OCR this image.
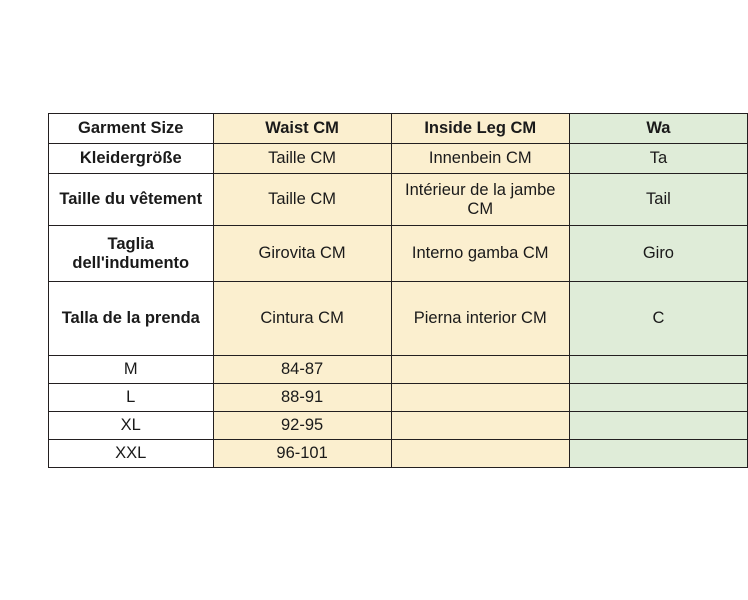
Garment Size	Waist CM	Inside Leg CM	Wa
Kleidergröße	Taille CM	Innenbein CM	Ta
Taille du vêtement	Taille CM	Intérieur de la jambe CM	Tail
Taglia dell'indumento	Girovita CM	Interno gamba CM	Giro
Talla de la prenda	Cintura CM	Pierna interior CM	C
M	84-87		
L	88-91		
XL	92-95		
XXL	96-101		
